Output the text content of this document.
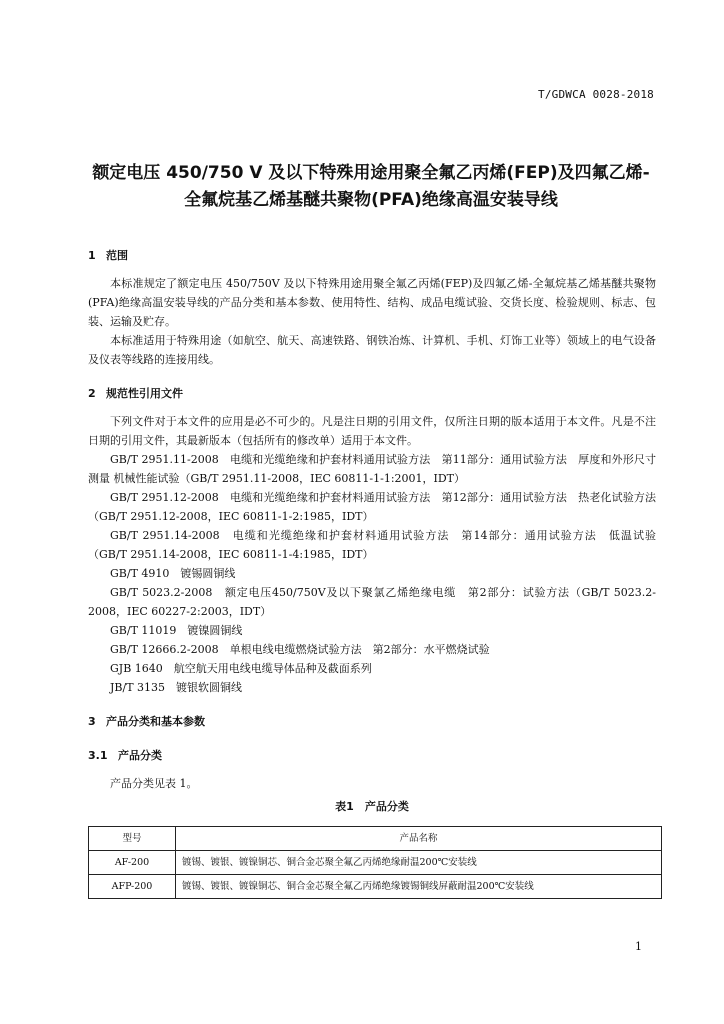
T/GDWCA 0028-2018
额定电压 450/750 V 及以下特殊用途用聚全氟乙丙烯(FEP)及四氟乙烯-全氟烷基乙烯基醚共聚物(PFA)绝缘高温安装导线
1 范围

本标准规定了额定电压 450/750V 及以下特殊用途用聚全氟乙丙烯(FEP)及四氟乙烯-全氟烷基乙烯基醚共聚物(PFA)绝缘高温安装导线的产品分类和基本参数、使用特性、结构、成品电缆试验、交货长度、检验规则、标志、包装、运输及贮存。

本标准适用于特殊用途（如航空、航天、高速铁路、钢铁冶炼、计算机、手机、灯饰工业等）领域上的电气设备及仪表等线路的连接用线。

2 规范性引用文件

下列文件对于本文件的应用是必不可少的。凡是注日期的引用文件，仅所注日期的版本适用于本文件。凡是不注日期的引用文件，其最新版本（包括所有的修改单）适用于本文件。

GB/T 2951.11-2008　电缆和光缆绝缘和护套材料通用试验方法　第11部分：通用试验方法　厚度和外形尺寸测量 机械性能试验（GB/T 2951.11-2008，IEC 60811-1-1:2001，IDT）

GB/T 2951.12-2008　电缆和光缆绝缘和护套材料通用试验方法　第12部分：通用试验方法　热老化试验方法（GB/T 2951.12-2008，IEC 60811-1-2:1985，IDT）

GB/T 2951.14-2008　电缆和光缆绝缘和护套材料通用试验方法　第14部分：通用试验方法　低温试验（GB/T 2951.14-2008，IEC 60811-1-4:1985，IDT）

GB/T 4910　镀锡圆铜线

GB/T 5023.2-2008　额定电压450/750V及以下聚氯乙烯绝缘电缆　第2部分：试验方法（GB/T 5023.2-2008，IEC 60227-2:2003，IDT）

GB/T 11019　镀镍圆铜线

GB/T 12666.2-2008　单根电线电缆燃烧试验方法　第2部分：水平燃烧试验

GJB 1640　航空航天用电线电缆导体品种及截面系列

JB/T 3135　镀银软圆铜线

3 产品分类和基本参数
3.1 产品分类

产品分类见表 1。

表1　产品分类
型号	产品名称
AF-200	镀锡、镀银、镀镍铜芯、铜合金芯聚全氟乙丙烯绝缘耐温200℃安装线
AFP-200	镀锡、镀银、镀镍铜芯、铜合金芯聚全氟乙丙烯绝缘镀锡铜线屏蔽耐温200℃安装线
1
